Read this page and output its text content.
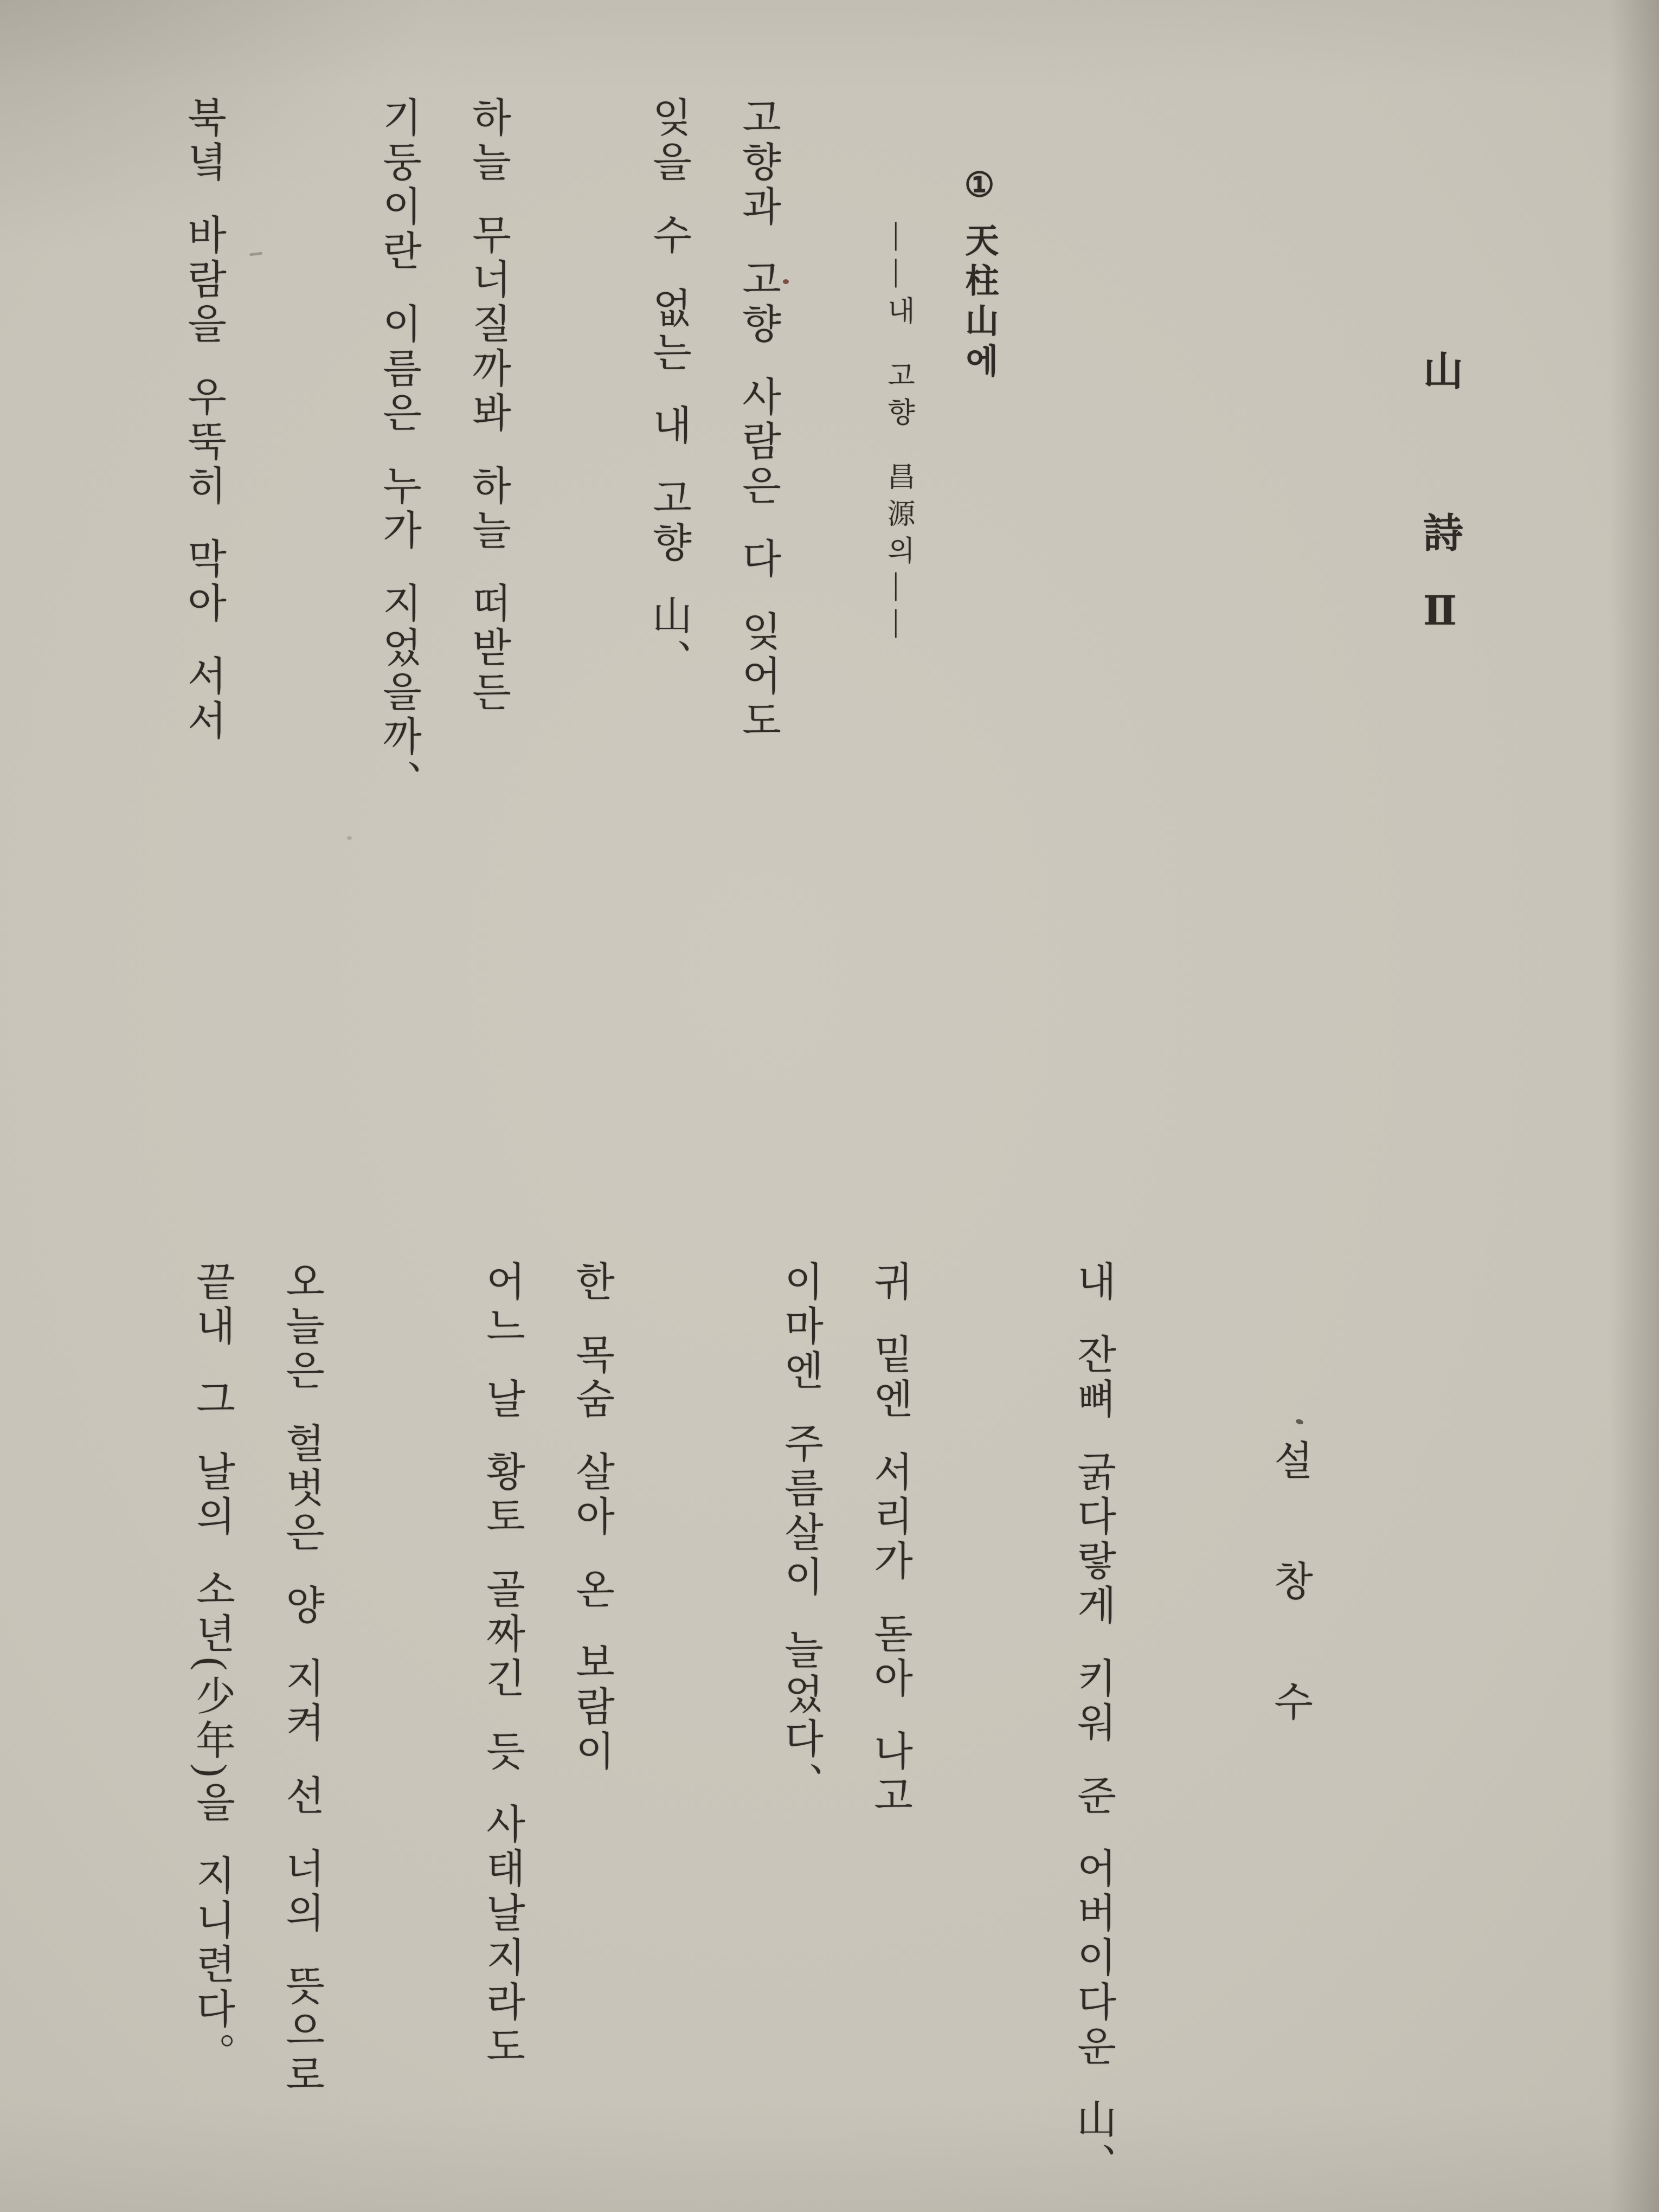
山詩Ⅱ
①天柱山에
——내 고향 昌源의——
고향과 고향 사람은 다 잊어도
잊을 수 없는 내 고향 山、
하늘 무너질까봐 하늘 떠받든
기둥이란 이름은 누가 지었을까、
북녘 바람을 우뚝히 막아 서서
설 창 수
내 잔뼈 굵다랗게 키워 준 어버이다운 山、
귀 밑엔 서리가 돋아 나고
이마엔 주름살이 늘었다、
한 목숨 살아 온 보람이
어느 날 황토 골짜긴 듯 사태날지라도
오늘은 헐벗은 양 지켜 선 너의 뜻으로
끝내 그 날의 소년(少年)을 지니련다。
